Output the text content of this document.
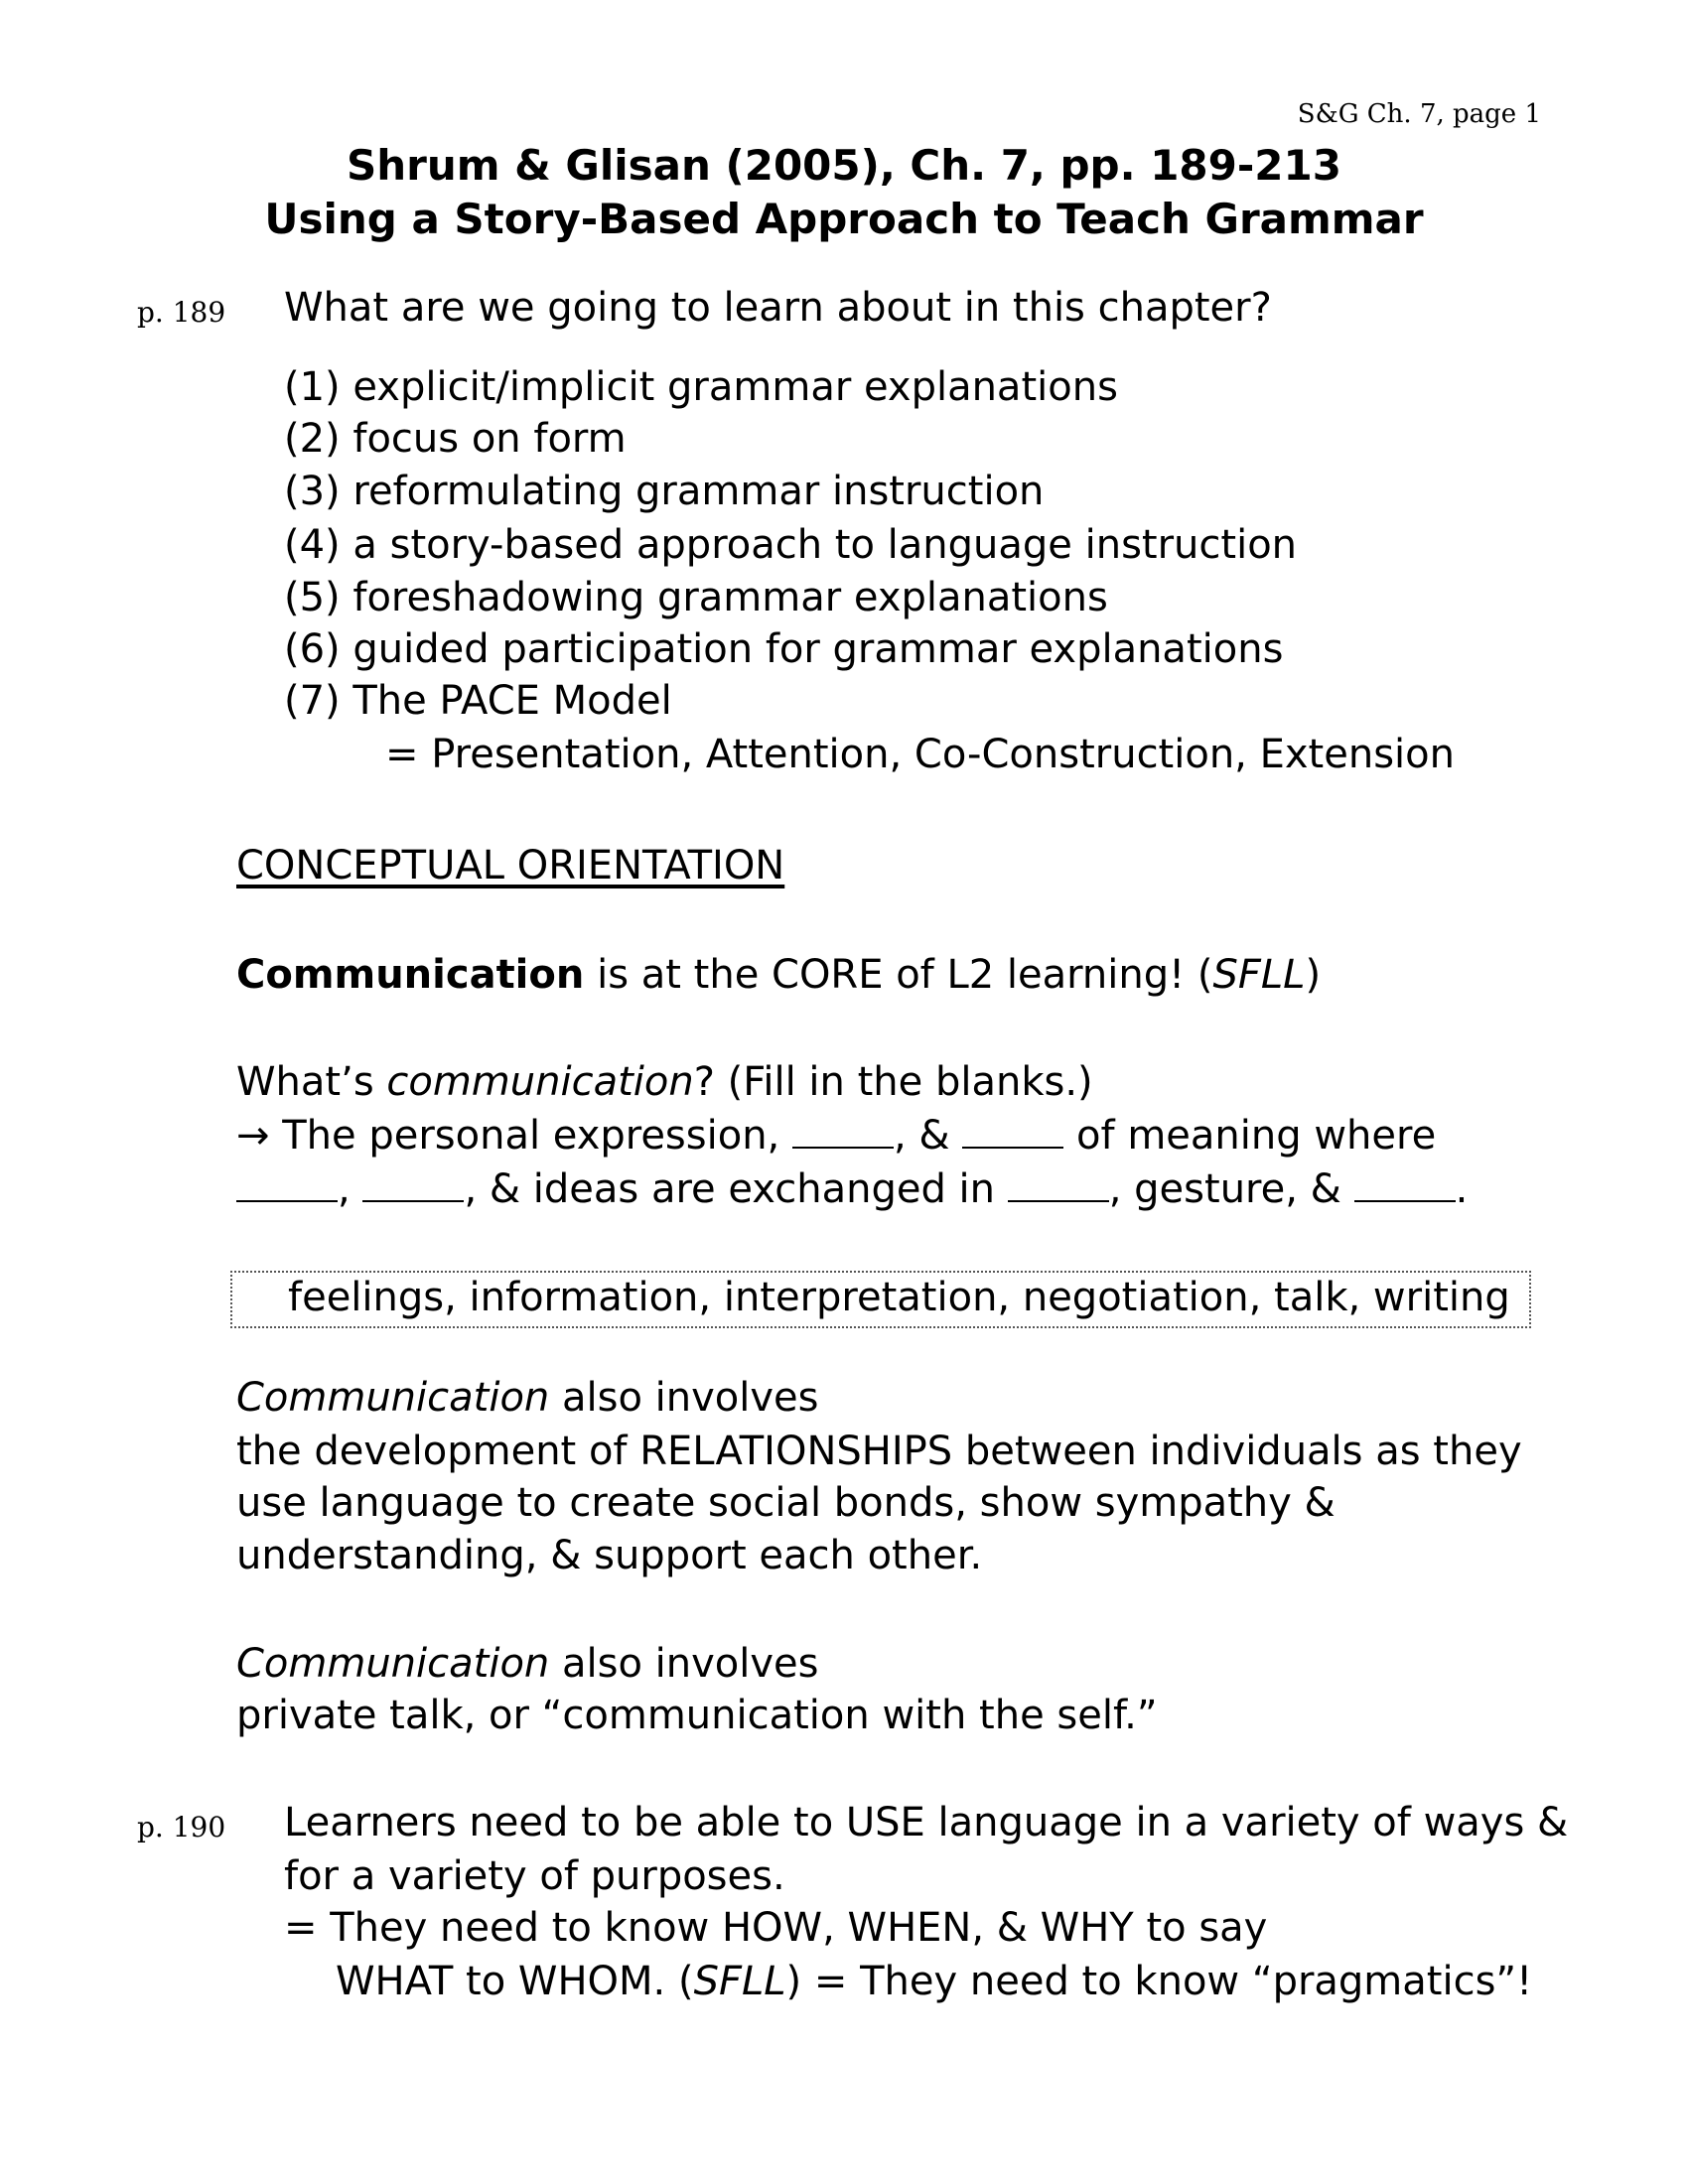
S&G Ch. 7, page 1
Shrum & Glisan (2005), Ch. 7, pp. 189-213
Using a Story-Based Approach to Teach Grammar
p. 189 What are we going to learn about in this chapter?
(1) explicit/implicit grammar explanations
(2) focus on form
(3) reformulating grammar instruction
(4) a story-based approach to language instruction
(5) foreshadowing grammar explanations
(6) guided participation for grammar explanations
(7) The PACE Model
= Presentation, Attention, Co-Construction, Extension
CONCEPTUAL ORIENTATION
Communication is at the CORE of L2 learning! (SFLL)
What’s communication? (Fill in the blanks.)
→ The personal expression,	, &	of meaning where
,	, & ideas are exchanged in	, gesture, &	.
feelings, information, interpretation, negotiation, talk, writing
Communication also involves
the development of RELATIONSHIPS between individuals as they
use language to create social bonds, show sympathy &
understanding, & support each other.
Communication also involves
private talk, or “communication with the self.”
p. 190 Learners need to be able to USE language in a variety of ways &
for a variety of purposes.
= They need to know HOW, WHEN, & WHY to say
WHAT to WHOM. (SFLL) = They need to know “pragmatics”!
